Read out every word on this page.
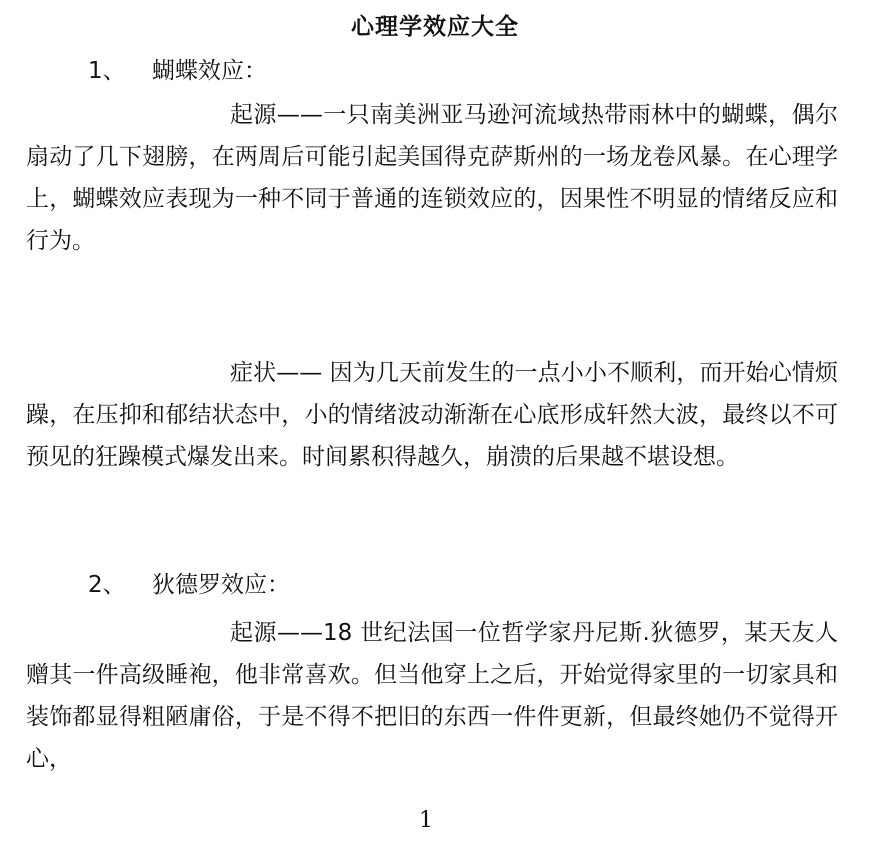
心理学效应大全
1、 蝴蝶效应：
起源——一只南美洲亚马逊河流域热带雨林中的蝴蝶，偶尔扇动了几下翅膀，在两周后可能引起美国得克萨斯州的一场龙卷风暴。在心理学上，蝴蝶效应表现为一种不同于普通的连锁效应的，因果性不明显的情绪反应和行为。
症状—— 因为几天前发生的一点小小不顺利，而开始心情烦躁，在压抑和郁结状态中，小的情绪波动渐渐在心底形成轩然大波，最终以不可预见的狂躁模式爆发出来。时间累积得越久，崩溃的后果越不堪设想。
2、 狄德罗效应：
起源——18 世纪法国一位哲学家丹尼斯.狄德罗，某天友人赠其一件高级睡袍，他非常喜欢。但当他穿上之后，开始觉得家里的一切家具和装饰都显得粗陋庸俗，于是不得不把旧的东西一件件更新，但最终她仍不觉得开心，
1
